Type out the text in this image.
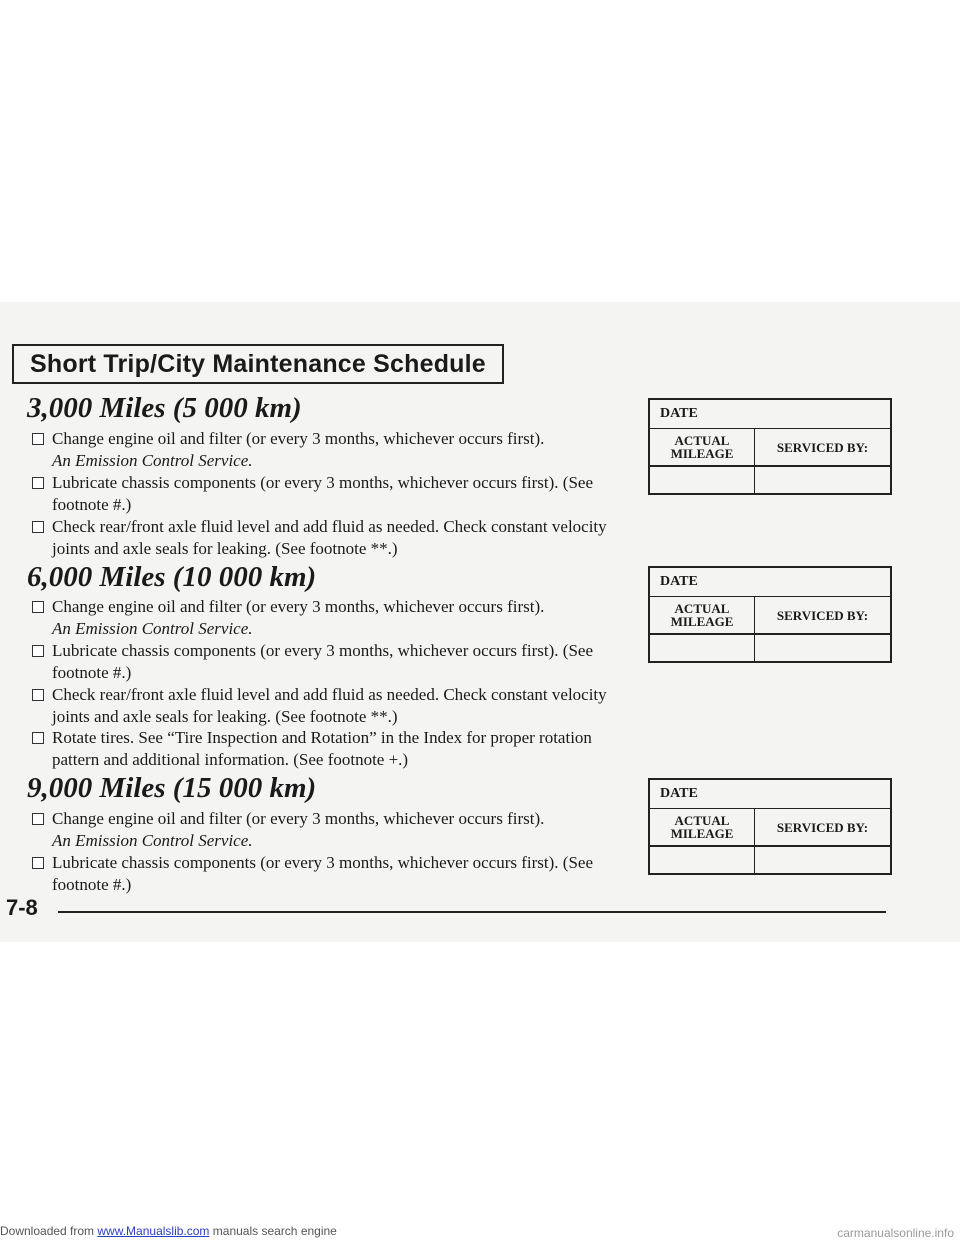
Short Trip/City Maintenance Schedule
3,000 Miles (5 000 km)
Change engine oil and filter (or every 3 months, whichever occurs first).
An Emission Control Service.
Lubricate chassis components (or every 3 months, whichever occurs first). (See footnote #.)
Check rear/front axle fluid level and add fluid as needed. Check constant velocity joints and axle seals for leaking. (See footnote **.)
DATE
ACTUAL
MILEAGE	SERVICED BY:
6,000 Miles (10 000 km)
Change engine oil and filter (or every 3 months, whichever occurs first).
An Emission Control Service.
Lubricate chassis components (or every 3 months, whichever occurs first). (See footnote #.)
Check rear/front axle fluid level and add fluid as needed. Check constant velocity joints and axle seals for leaking. (See footnote **.)
Rotate tires. See “Tire Inspection and Rotation” in the Index for proper rotation pattern and additional information. (See footnote +.)
DATE
ACTUAL
MILEAGE	SERVICED BY:
9,000 Miles (15 000 km)
Change engine oil and filter (or every 3 months, whichever occurs first).
An Emission Control Service.
Lubricate chassis components (or every 3 months, whichever occurs first). (See footnote #.)
DATE
ACTUAL
MILEAGE	SERVICED BY:
7-8
Downloaded from www.Manualslib.com manuals search engine	carmanualsonline.info
